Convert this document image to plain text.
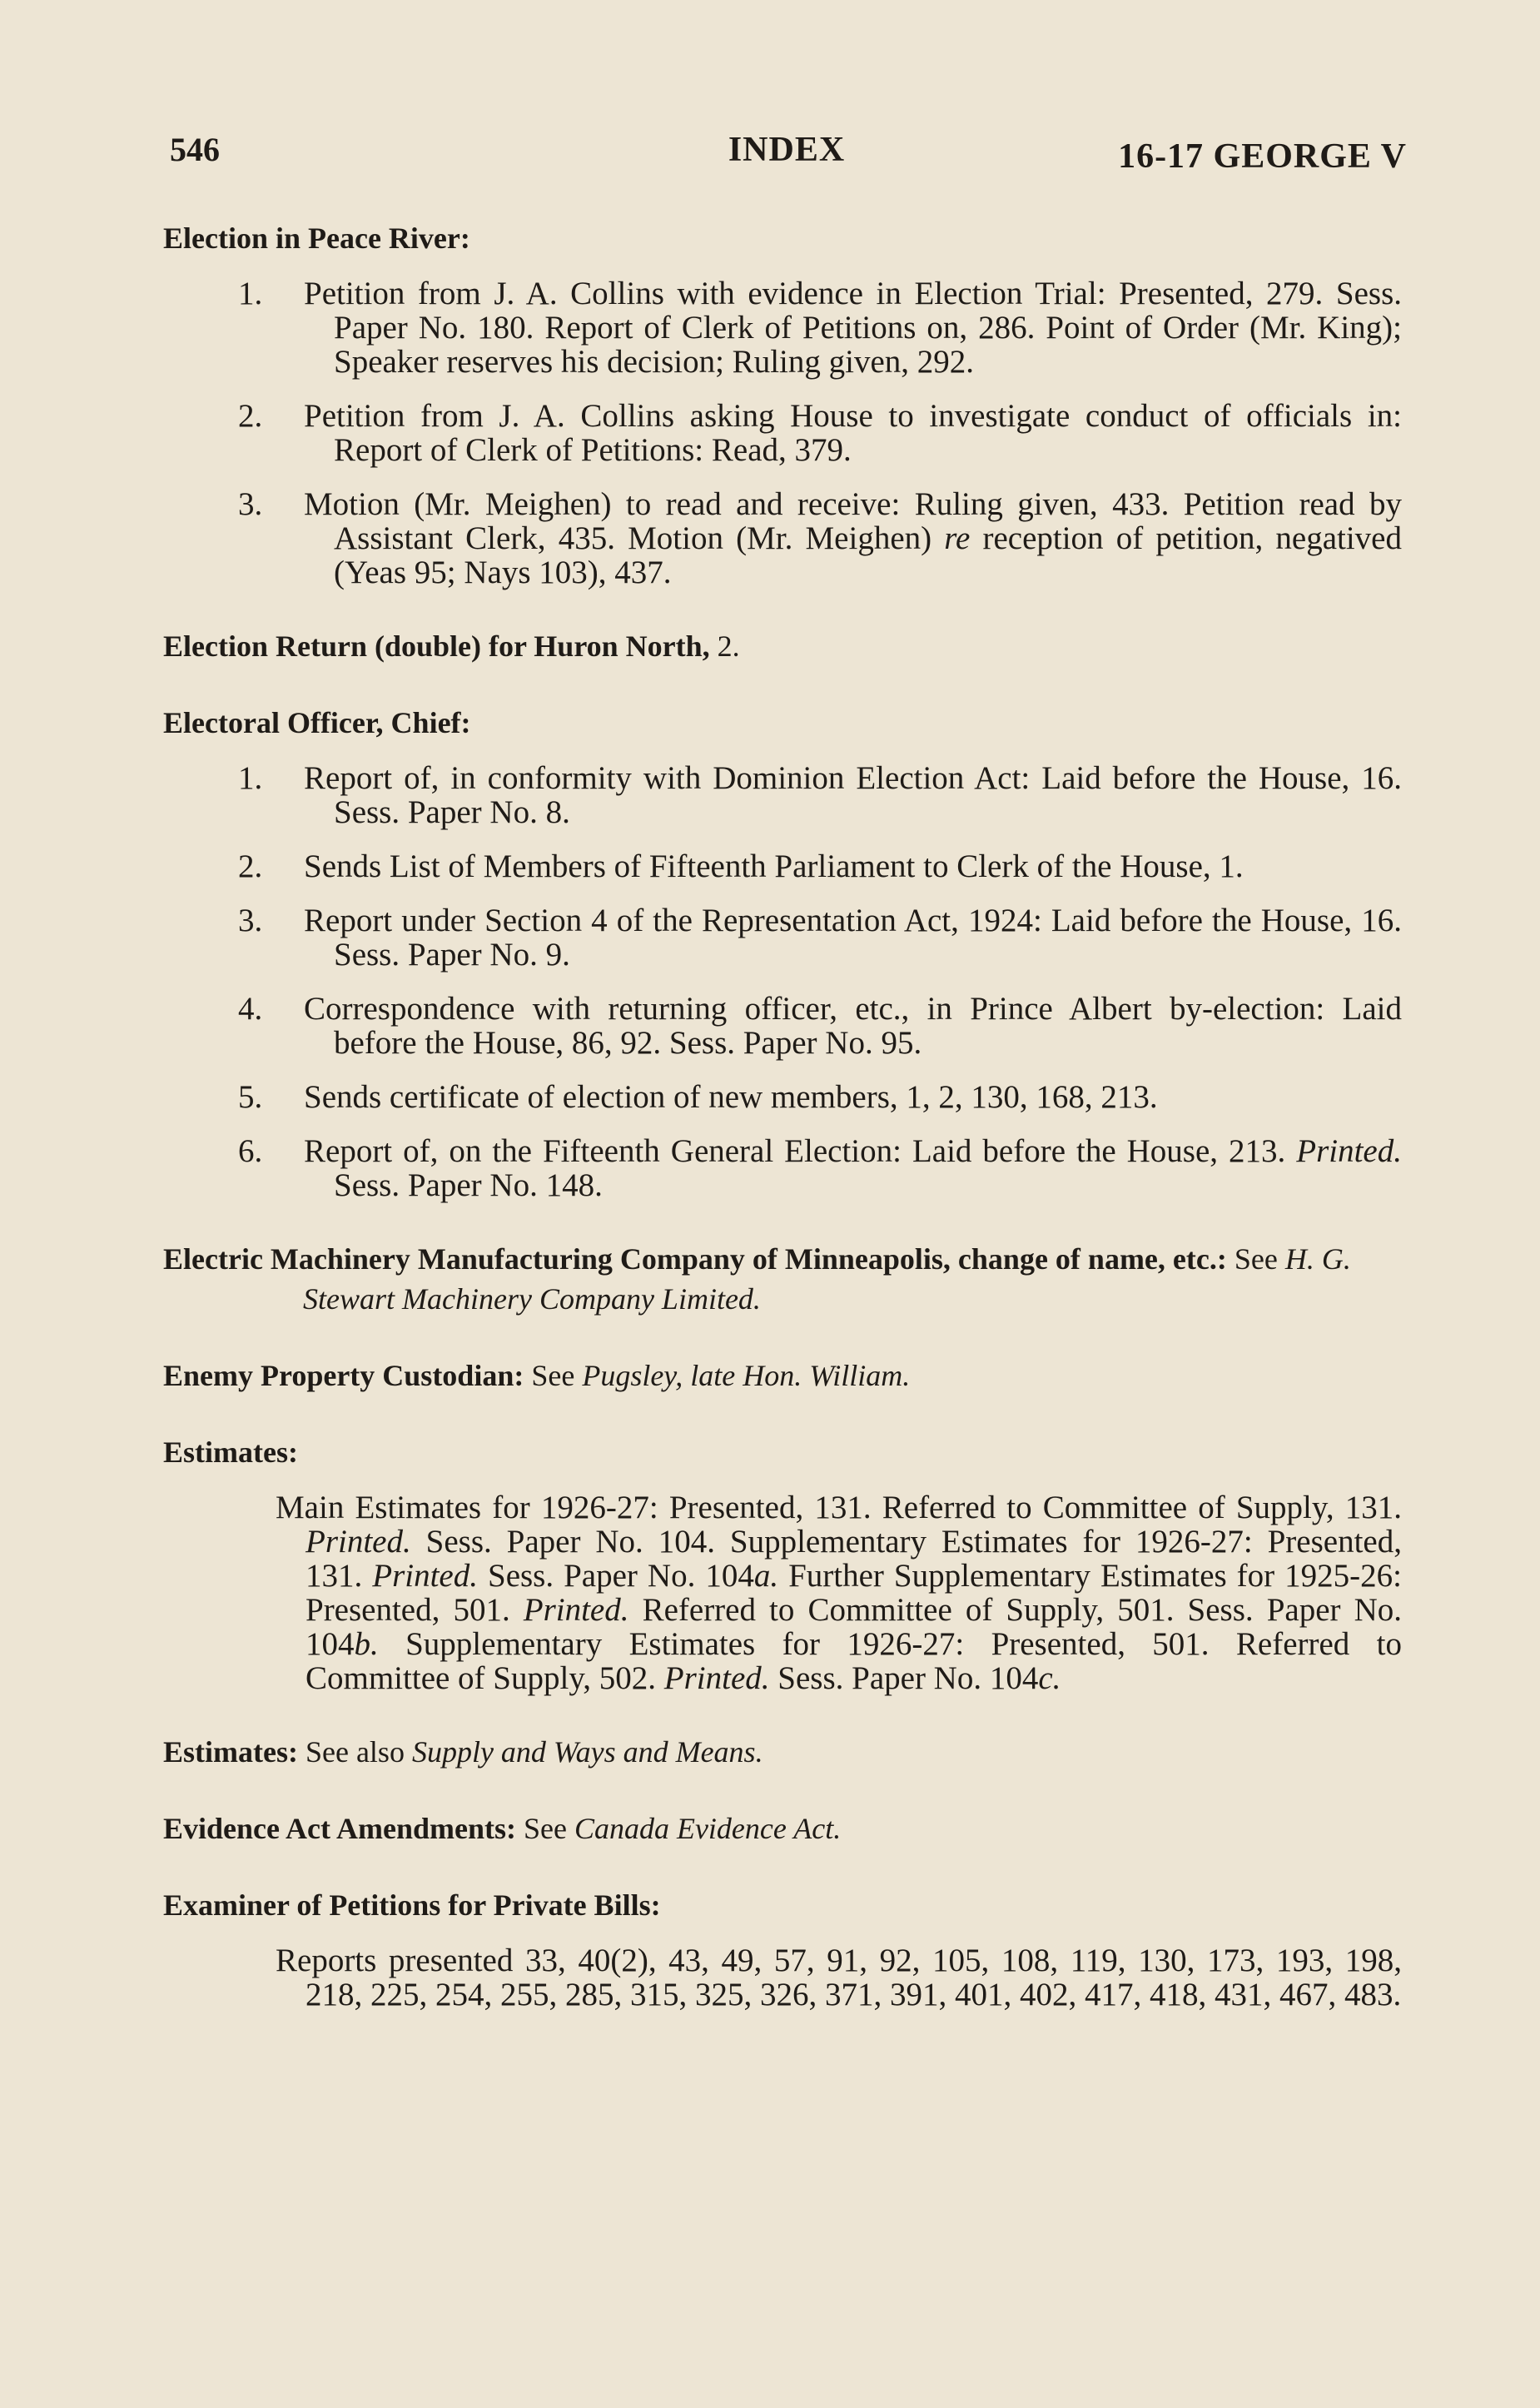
546	INDEX	16-17 GEORGE V
Election in Peace River:
1. Petition from J. A. Collins with evidence in Election Trial: Presented, 279. Sess. Paper No. 180. Report of Clerk of Petitions on, 286. Point of Order (Mr. King); Speaker reserves his decision; Ruling given, 292.
2. Petition from J. A. Collins asking House to investigate conduct of officials in: Report of Clerk of Petitions: Read, 379.
3. Motion (Mr. Meighen) to read and receive: Ruling given, 433. Petition read by Assistant Clerk, 435. Motion (Mr. Meighen) re reception of petition, negatived (Yeas 95; Nays 103), 437.
Election Return (double) for Huron North, 2.
Electoral Officer, Chief:
1. Report of, in conformity with Dominion Election Act: Laid before the House, 16. Sess. Paper No. 8.
2. Sends List of Members of Fifteenth Parliament to Clerk of the House, 1.
3. Report under Section 4 of the Representation Act, 1924: Laid before the House, 16. Sess. Paper No. 9.
4. Correspondence with returning officer, etc., in Prince Albert by-election: Laid before the House, 86, 92. Sess. Paper No. 95.
5. Sends certificate of election of new members, 1, 2, 130, 168, 213.
6. Report of, on the Fifteenth General Election: Laid before the House, 213. Printed. Sess. Paper No. 148.
Electric Machinery Manufacturing Company of Minneapolis, change of name, etc.: See H. G. Stewart Machinery Company Limited.
Enemy Property Custodian: See Pugsley, late Hon. William.
Estimates:
Main Estimates for 1926-27: Presented, 131. Referred to Committee of Supply, 131. Printed. Sess. Paper No. 104. Supplementary Estimates for 1926-27: Presented, 131. Printed. Sess. Paper No. 104a. Further Supplementary Estimates for 1925-26: Presented, 501. Printed. Referred to Committee of Supply, 501. Sess. Paper No. 104b. Supplementary Estimates for 1926-27: Presented, 501. Referred to Committee of Supply, 502. Printed. Sess. Paper No. 104c.
Estimates: See also Supply and Ways and Means.
Evidence Act Amendments: See Canada Evidence Act.
Examiner of Petitions for Private Bills:
Reports presented 33, 40(2), 43, 49, 57, 91, 92, 105, 108, 119, 130, 173, 193, 198, 218, 225, 254, 255, 285, 315, 325, 326, 371, 391, 401, 402, 417, 418, 431, 467, 483.
